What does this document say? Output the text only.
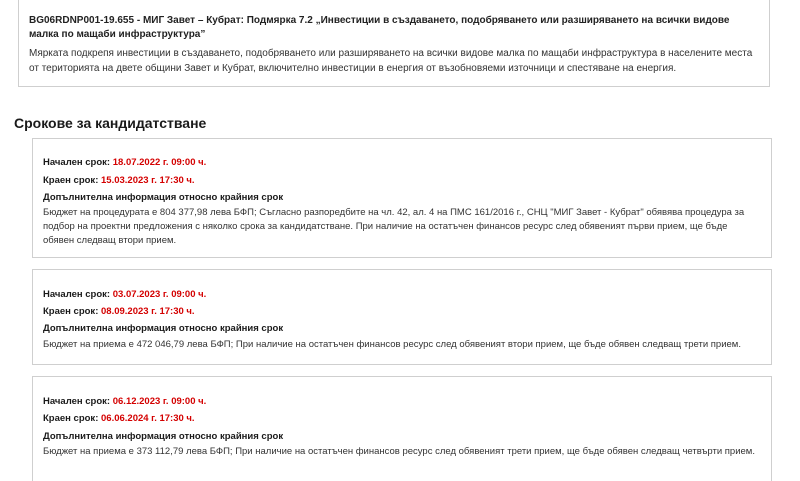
BG06RDNP001-19.655 - МИГ Завет – Кубрат: Подмярка 7.2 „Инвестиции в създаването, подобряването или разширяването на всички видове малка по мащаби инфраструктура”

Мярката подкрепя инвестиции в създаването, подобряването или разширяването на всички видове малка по мащаби инфраструктура в населените места от територията на двете общини Завет и Кубрат, включително инвестиции в енергия от възобновяеми източници и спестяване на енергия.

Срокове за кандидатстване
Начален срок: 18.07.2022 г. 09:00 ч.
Краен срок: 15.03.2023 г. 17:30 ч.
Допълнителна информация относно крайния срок
Бюджет на процедурата е 804 377,98 лева БФП; Съгласно разпоредбите на чл. 42, ал. 4 на ПМС 161/2016 г., СНЦ "МИГ Завет - Кубрат" обявява процедура за подбор на проектни предложения с няколко срока за кандидатстване. При наличие на остатъчен финансов ресурс след обявеният първи прием, ще бъде обявен следващ втори прием.
Начален срок: 03.07.2023 г. 09:00 ч.
Краен срок: 08.09.2023 г. 17:30 ч.
Допълнителна информация относно крайния срок
Бюджет на приема е 472 046,79 лева БФП; При наличие на остатъчен финансов ресурс след обявеният втори прием, ще бъде обявен следващ трети прием.
Начален срок: 06.12.2023 г. 09:00 ч.
Краен срок: 06.06.2024 г. 17:30 ч.
Допълнителна информация относно крайния срок
Бюджет на приема е 373 112,79 лева БФП; При наличие на остатъчен финансов ресурс след обявеният трети прием, ще бъде обявен следващ четвърти прием.
